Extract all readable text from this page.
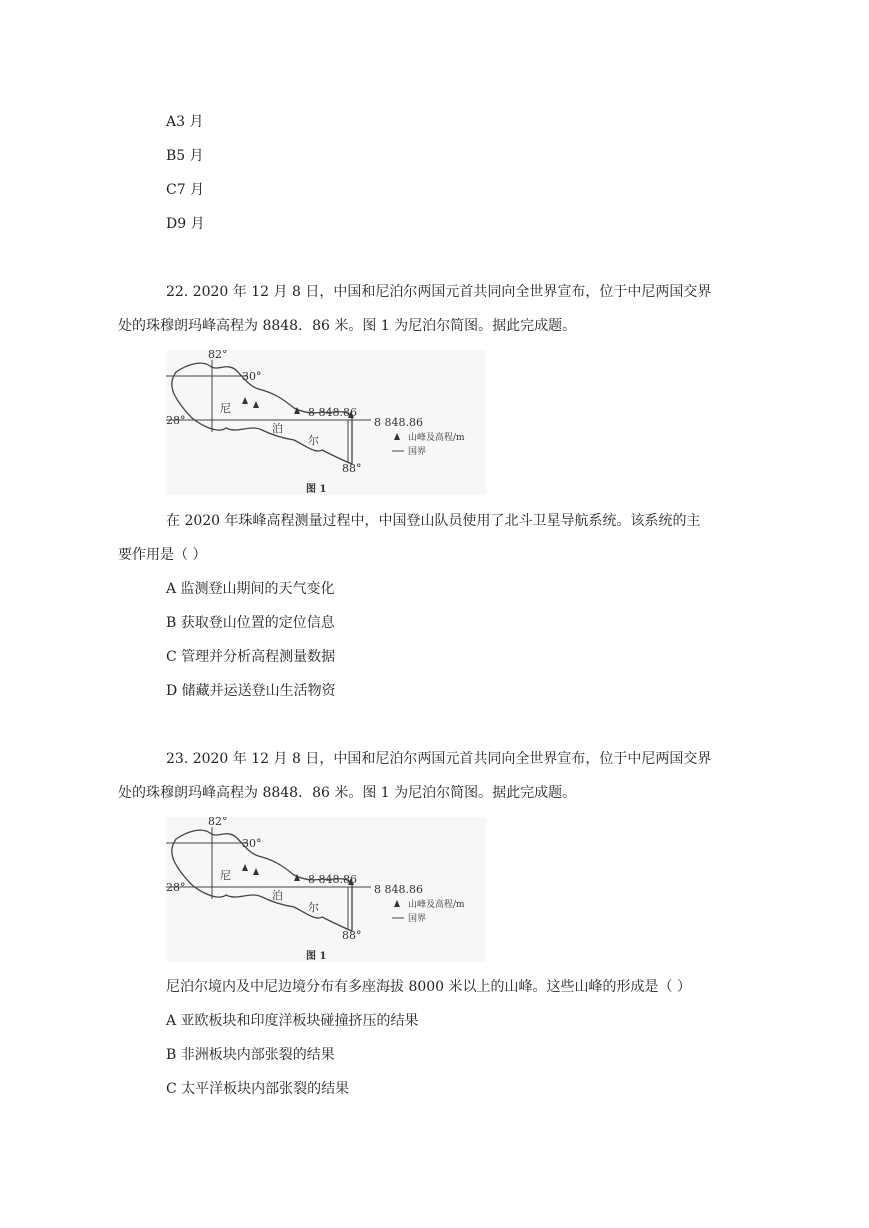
A3 月
B5 月
C7 月
D9 月
22. 2020 年 12 月 8 日，中国和尼泊尔两国元首共同向全世界宣布，位于中尼两国交界
处的珠穆朗玛峰高程为 8848．86 米。图 1 为尼泊尔简图。据此完成题。
82°
30°
28°
88°
尼
泊
尔
8 848.86
8 848.86
山峰及高程/m
国界
图 1
在 2020 年珠峰高程测量过程中，中国登山队员使用了北斗卫星导航系统。该系统的主
要作用是（ ）
A 监测登山期间的天气变化
B 获取登山位置的定位信息
C 管理并分析高程测量数据
D 储藏并运送登山生活物资
23. 2020 年 12 月 8 日，中国和尼泊尔两国元首共同向全世界宣布，位于中尼两国交界
处的珠穆朗玛峰高程为 8848．86 米。图 1 为尼泊尔简图。据此完成题。
82°
30°
28°
88°
尼
泊
尔
8 848.86
8 848.86
山峰及高程/m
国界
图 1
尼泊尔境内及中尼边境分布有多座海拔 8000 米以上的山峰。这些山峰的形成是（ ）
A 亚欧板块和印度洋板块碰撞挤压的结果
B 非洲板块内部张裂的结果
C 太平洋板块内部张裂的结果
